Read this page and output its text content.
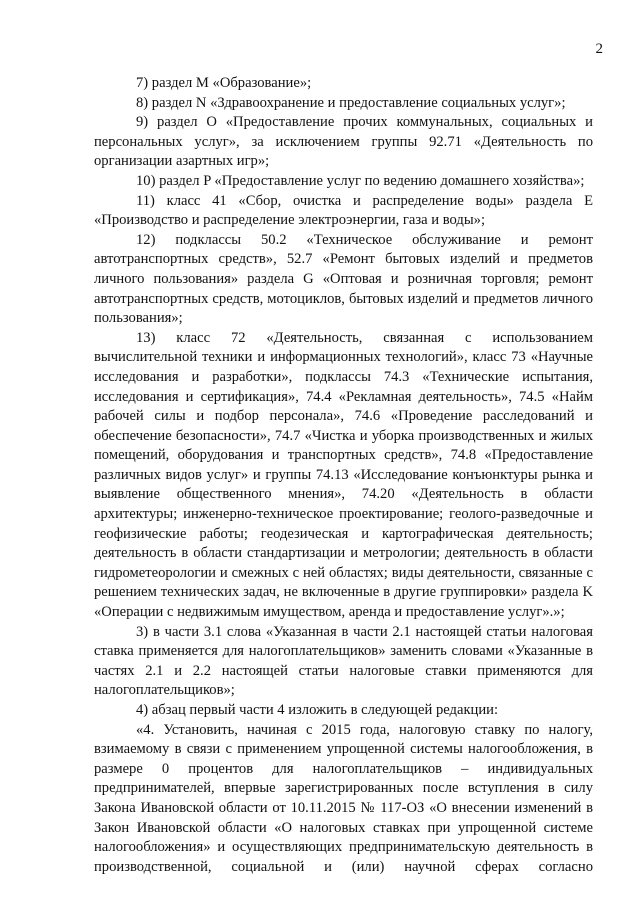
2

7) раздел M «Образование»;

8) раздел N «Здравоохранение и предоставление социальных услуг»;

9) раздел O «Предоставление прочих коммунальных, социальных и персональных услуг», за исключением группы 92.71 «Деятельность по организации азартных игр»;

10) раздел P «Предоставление услуг по ведению домашнего хозяйства»;

11) класс 41 «Сбор, очистка и распределение воды» раздела E «Производство и распределение электроэнергии, газа и воды»;

12) подклассы 50.2 «Техническое обслуживание и ремонт автотранспортных средств», 52.7 «Ремонт бытовых изделий и предметов личного пользования» раздела G «Оптовая и розничная торговля; ремонт автотранспортных средств, мотоциклов, бытовых изделий и предметов личного пользования»;

13) класс 72 «Деятельность, связанная с использованием вычислительной техники и информационных технологий», класс 73 «Научные исследования и разработки», подклассы 74.3 «Технические испытания, исследования и сертификация», 74.4 «Рекламная деятельность», 74.5 «Найм рабочей силы и подбор персонала», 74.6 «Проведение расследований и обеспечение безопасности», 74.7 «Чистка и уборка производственных и жилых помещений, оборудования и транспортных средств», 74.8 «Предоставление различных видов услуг» и группы 74.13 «Исследование конъюнктуры рынка и выявление общественного мнения», 74.20 «Деятельность в области архитектуры; инженерно-техническое проектирование; геолого-разведочные и геофизические работы; геодезическая и картографическая деятельность; деятельность в области стандартизации и метрологии; деятельность в области гидрометеорологии и смежных с ней областях; виды деятельности, связанные с решением технических задач, не включенные в другие группировки» раздела K «Операции с недвижимым имуществом, аренда и предоставление услуг».»;

3) в части 3.1 слова «Указанная в части 2.1 настоящей статьи налоговая ставка применяется для налогоплательщиков» заменить словами «Указанные в частях 2.1 и 2.2 настоящей статьи налоговые ставки применяются для налогоплательщиков»;

4) абзац первый части 4 изложить в следующей редакции:

«4. Установить, начиная с 2015 года, налоговую ставку по налогу, взимаемому в связи с применением упрощенной системы налогообложения, в размере 0 процентов для налогоплательщиков – индивидуальных предпринимателей, впервые зарегистрированных после вступления в силу Закона Ивановской области от 10.11.2015 № 117-ОЗ «О внесении изменений в Закон Ивановской области «О налоговых ставках при упрощенной системе налогообложения» и осуществляющих предпринимательскую деятельность в производственной, социальной и (или) научной сферах согласно
